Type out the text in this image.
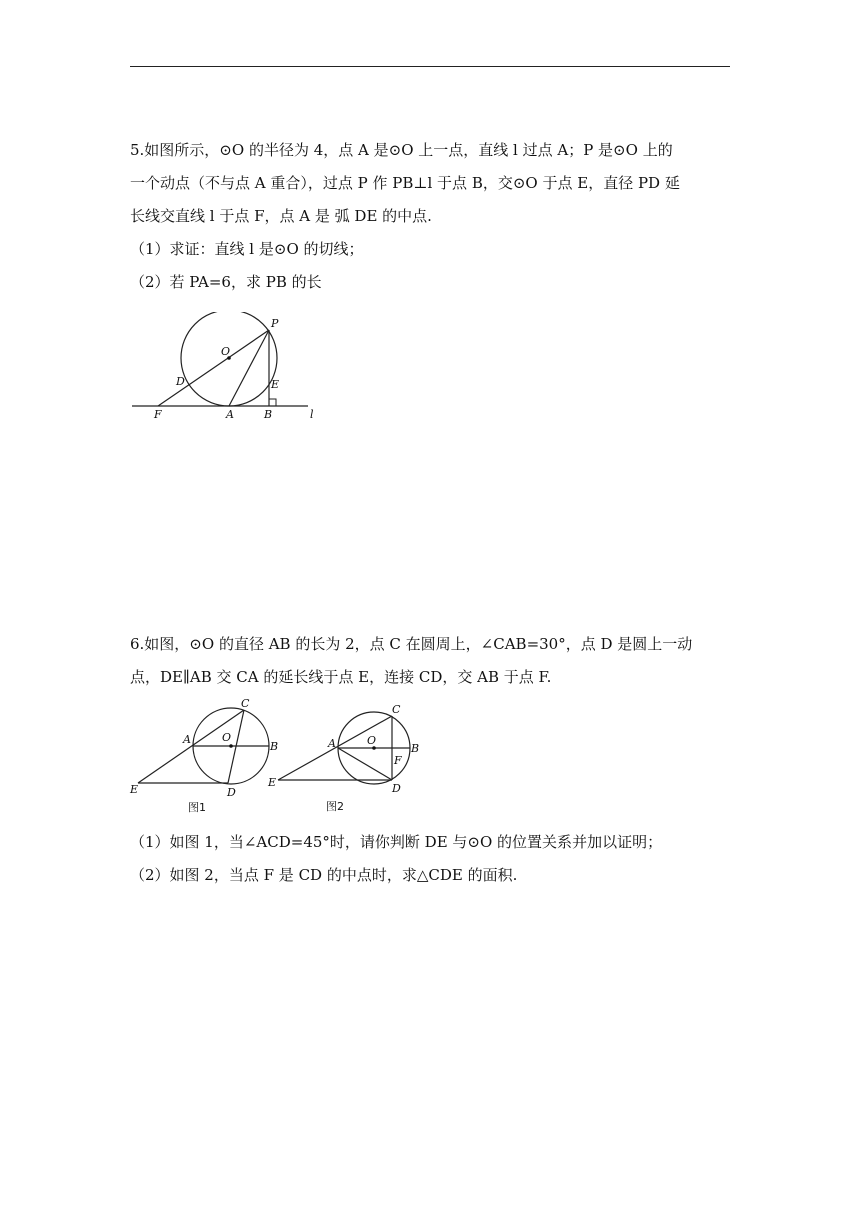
5.如图所示，⊙O 的半径为 4，点 A 是⊙O 上一点，直线 l 过点 A；P 是⊙O 上的

一个动点（不与点 A 重合），过点 P 作 PB⊥l 于点 B，交⊙O 于点 E，直径 PD 延

长线交直线 l 于点 F，点 A 是 弧 DE 的中点.

（1）求证：直线 l 是⊙O 的切线；

（2）若 PA=6，求 PB 的长

O
P
D	E
F	A	B	l

6.如图，⊙O 的直径 AB 的长为 2，点 C 在圆周上，∠CAB=30°，点 D 是圆上一动

点，DE∥AB 交 CA 的延长线于点 E，连接 CD，交 AB 于点 F.

A	O
B
C
D
E
图1
A	O
B
C
F
D
E
图2

（1）如图 1，当∠ACD=45°时，请你判断 DE 与⊙O 的位置关系并加以证明；

（2）如图 2，当点 F 是 CD 的中点时，求△CDE 的面积.
